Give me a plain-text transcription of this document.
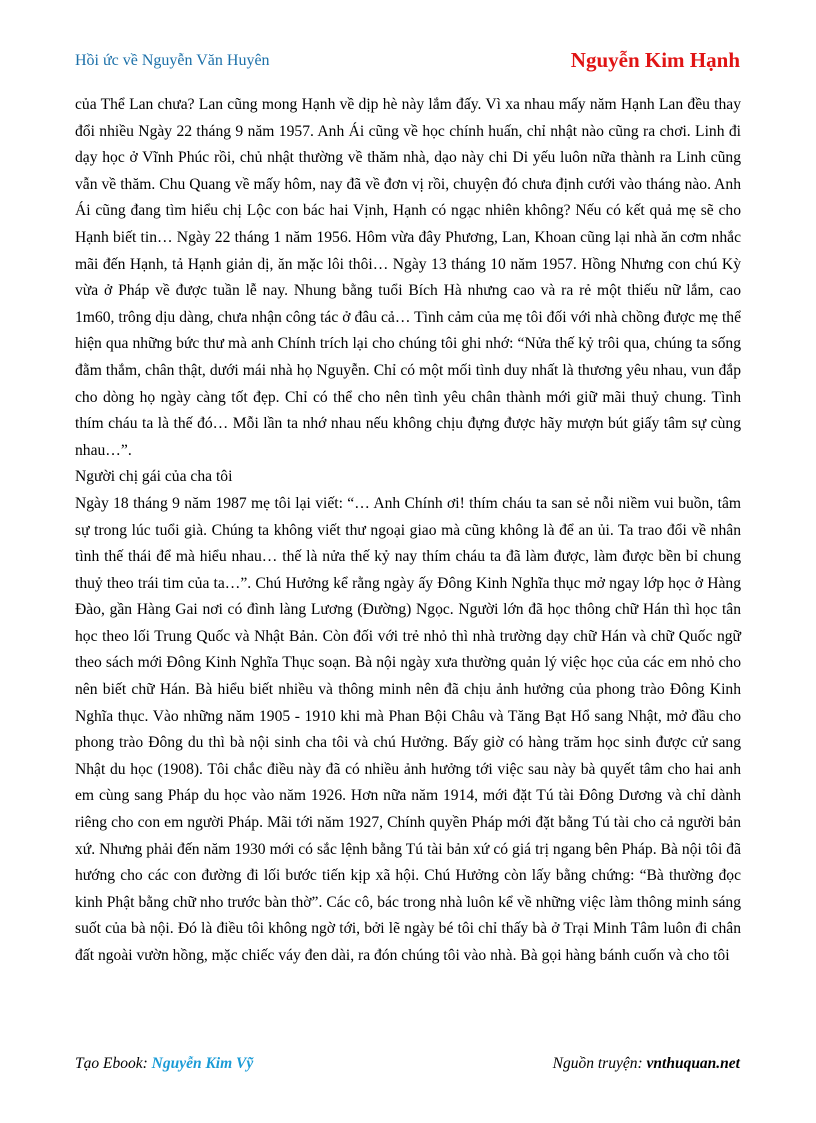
Hồi ức về Nguyễn Văn Huyên	Nguyễn Kim Hạnh

của Thể Lan chưa? Lan cũng mong Hạnh về dịp hè này lắm đấy. Vì xa nhau mấy năm Hạnh Lan đều thay đổi nhiều Ngày 22 tháng 9 năm 1957. Anh Ái cũng về học chính huấn, chỉ nhật nào cũng ra chơi. Linh đi dạy học ở Vĩnh Phúc rồi, chủ nhật thường về thăm nhà, dạo này chi Di yếu luôn nữa thành ra Linh cũng vẫn về thăm. Chu Quang về mấy hôm, nay đã về đơn vị rồi, chuyện đó chưa định cưới vào tháng nào. Anh Ái cũng đang tìm hiểu chị Lộc con bác hai Vịnh, Hạnh có ngạc nhiên không? Nếu có kết quả mẹ sẽ cho Hạnh biết tin… Ngày 22 tháng 1 năm 1956. Hôm vừa đây Phương, Lan, Khoan cũng lại nhà ăn cơm nhắc mãi đến Hạnh, tả Hạnh giản dị, ăn mặc lôi thôi… Ngày 13 tháng 10 năm 1957. Hồng Nhưng con chú Kỳ vừa ở Pháp về được tuần lễ nay. Nhung bằng tuổi Bích Hà nhưng cao và ra rẻ một thiếu nữ lắm, cao 1m60, trông dịu dàng, chưa nhận công tác ở đâu cả… Tình cảm của mẹ tôi đối với nhà chồng được mẹ thể hiện qua những bức thư mà anh Chính trích lại cho chúng tôi ghi nhớ: “Nửa thế kỷ trôi qua, chúng ta sống đằm thắm, chân thật, dưới mái nhà họ Nguyễn. Chỉ có một mối tình duy nhất là thương yêu nhau, vun đắp cho dòng họ ngày càng tốt đẹp. Chỉ có thể cho nên tình yêu chân thành mới giữ mãi thuỷ chung. Tình thím cháu ta là thế đó… Mỗi lần ta nhớ nhau nếu không chịu đựng được hãy mượn bút giấy tâm sự cùng nhau…”.

Người chị gái của cha tôi

Ngày 18 tháng 9 năm 1987 mẹ tôi lại viết: “… Anh Chính ơi! thím cháu ta san sẻ nỗi niềm vui buồn, tâm sự trong lúc tuổi già. Chúng ta không viết thư ngoại giao mà cũng không là để an ủi. Ta trao đổi về nhân tình thế thái để mà hiểu nhau… thế là nửa thế kỷ nay thím cháu ta đã làm được, làm được bền bỉ chung thuỷ theo trái tim của ta…”. Chú Hưởng kể rằng ngày ấy Đông Kinh Nghĩa thục mở ngay lớp học ở Hàng Đào, gần Hàng Gai nơi có đình làng Lương (Đường) Ngọc. Người lớn đã học thông chữ Hán thì học tân học theo lối Trung Quốc và Nhật Bản. Còn đối với trẻ nhỏ thì nhà trường dạy chữ Hán và chữ Quốc ngữ theo sách mới Đông Kinh Nghĩa Thục soạn. Bà nội ngày xưa thường quản lý việc học của các em nhỏ cho nên biết chữ Hán. Bà hiểu biết nhiều và thông minh nên đã chịu ảnh hưởng của phong trào Đông Kinh Nghĩa thục. Vào những năm 1905 - 1910 khi mà Phan Bội Châu và Tăng Bạt Hổ sang Nhật, mở đầu cho phong trào Đông du thì bà nội sinh cha tôi và chú Hưởng. Bấy giờ có hàng trăm học sinh được cử sang Nhật du học (1908). Tôi chắc điều này đã có nhiều ảnh hưởng tới việc sau này bà quyết tâm cho hai anh em cùng sang Pháp du học vào năm 1926. Hơn nữa năm 1914, mới đặt Tú tài Đông Dương và chỉ dành riêng cho con em người Pháp. Mãi tới năm 1927, Chính quyền Pháp mới đặt bằng Tú tài cho cả người bản xứ. Nhưng phải đến năm 1930 mới có sắc lệnh bằng Tú tài bản xứ có giá trị ngang bên Pháp. Bà nội tôi đã hướng cho các con đường đi lối bước tiến kịp xã hội. Chú Hưởng còn lấy bằng chứng: “Bà thường đọc kinh Phật bằng chữ nho trước bàn thờ”. Các cô, bác trong nhà luôn kể về những việc làm thông minh sáng suốt của bà nội. Đó là điều tôi không ngờ tới, bởi lẽ ngày bé tôi chỉ thấy bà ở Trại Minh Tâm luôn đi chân đất ngoài vườn hồng, mặc chiếc váy đen dài, ra đón chúng tôi vào nhà. Bà gọi hàng bánh cuốn và cho tôi

Tạo Ebook: Nguyễn Kim Vỹ	Nguồn truyện: vnthuquan.net
